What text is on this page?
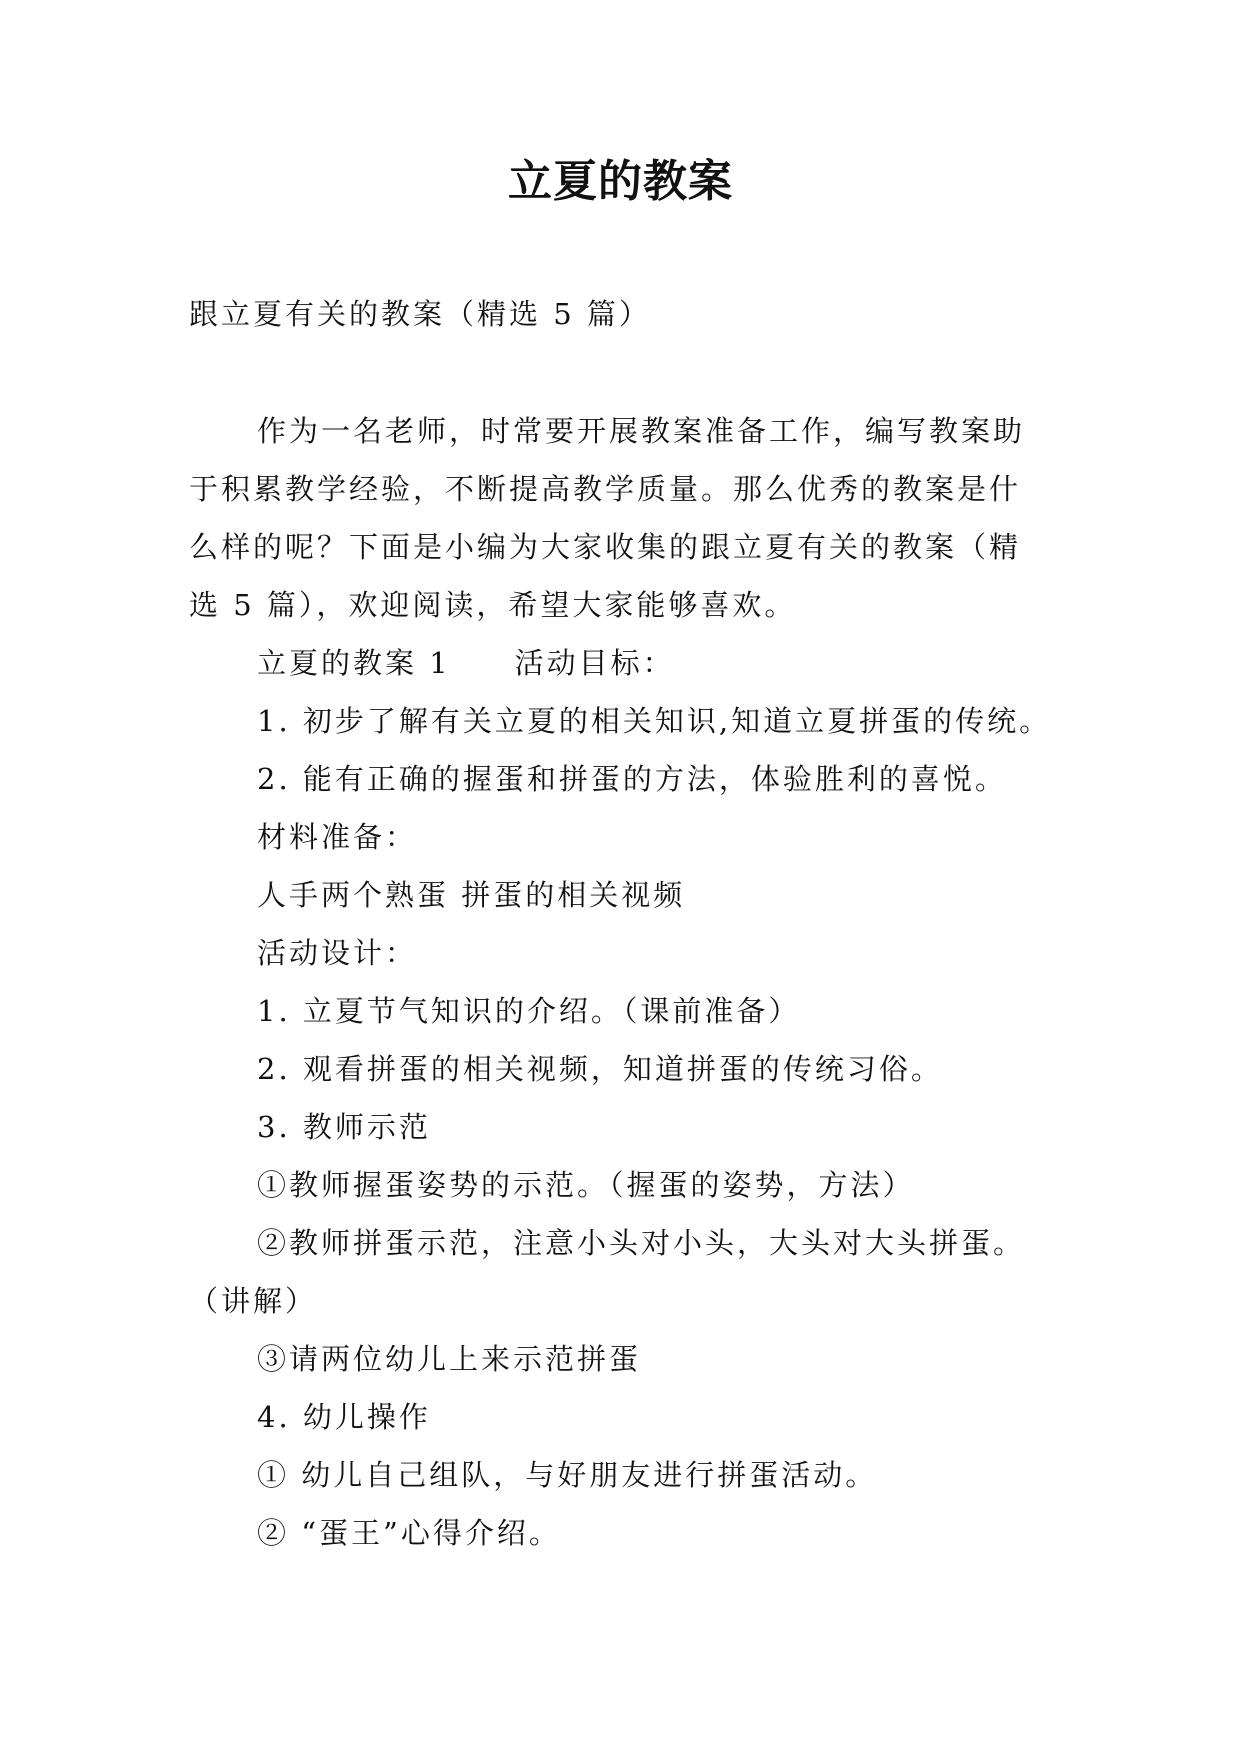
立夏的教案
跟立夏有关的教案（精选 5 篇）
作为一名老师，时常要开展教案准备工作，编写教案助
于积累教学经验，不断提高教学质量。那么优秀的教案是什
么样的呢？下面是小编为大家收集的跟立夏有关的教案（精
选 5 篇），欢迎阅读，希望大家能够喜欢。
立夏的教案 1　　活动目标：
1. 初步了解有关立夏的相关知识,知道立夏拼蛋的传统。
2. 能有正确的握蛋和拼蛋的方法，体验胜利的喜悦。
材料准备：
人手两个熟蛋 拼蛋的相关视频
活动设计：
1. 立夏节气知识的介绍。（课前准备）
2. 观看拼蛋的相关视频，知道拼蛋的传统习俗。
3. 教师示范
①教师握蛋姿势的示范。（握蛋的姿势，方法）
②教师拼蛋示范，注意小头对小头，大头对大头拼蛋。
（讲解）
③请两位幼儿上来示范拼蛋
4. 幼儿操作
① 幼儿自己组队，与好朋友进行拼蛋活动。
② “蛋王”心得介绍。
